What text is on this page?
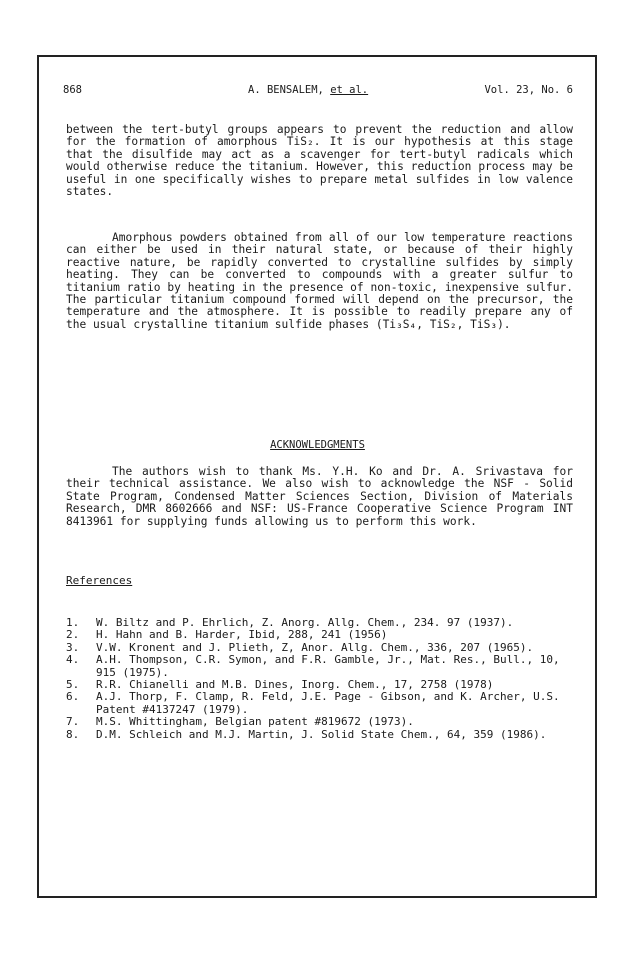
868	A. BENSALEM, et al.	Vol. 23, No. 6
between the tert-butyl groups appears to prevent the reduction and allow for the formation of amorphous TiS₂. It is our hypothesis at this stage that the disulfide may act as a scavenger for tert-butyl radicals which would otherwise reduce the titanium. However, this reduction process may be useful in one specifically wishes to prepare metal sulfides in low valence states.
Amorphous powders obtained from all of our low temperature reactions can either be used in their natural state, or because of their highly reactive nature, be rapidly converted to crystalline sulfides by simply heating. They can be converted to compounds with a greater sulfur to titanium ratio by heating in the presence of non-toxic, inexpensive sulfur. The particular titanium compound formed will depend on the precursor, the temperature and the atmosphere. It is possible to readily prepare any of the usual crystalline titanium sulfide phases (Ti₃S₄, TiS₂, TiS₃).
ACKNOWLEDGMENTS
The authors wish to thank Ms. Y.H. Ko and Dr. A. Srivastava for their technical assistance. We also wish to acknowledge the NSF - Solid State Program, Condensed Matter Sciences Section, Division of Materials Research, DMR 8602666 and NSF: US-France Cooperative Science Program INT 8413961 for supplying funds allowing us to perform this work.
References
1.	W. Biltz and P. Ehrlich, Z. Anorg. Allg. Chem., 234. 97 (1937).
2.	H. Hahn and B. Harder, Ibid, 288, 241 (1956)
3.	V.W. Kronent and J. Plieth, Z, Anor. Allg. Chem., 336, 207 (1965).
4.	A.H. Thompson, C.R. Symon, and F.R. Gamble, Jr., Mat. Res., Bull., 10, 915 (1975).
5.	R.R. Chianelli and M.B. Dines, Inorg. Chem., 17, 2758 (1978)
6.	A.J. Thorp, F. Clamp, R. Feld, J.E. Page - Gibson, and K. Archer, U.S. Patent #4137247 (1979).
7.	M.S. Whittingham, Belgian patent #819672 (1973).
8.	D.M. Schleich and M.J. Martin, J. Solid State Chem., 64, 359 (1986).
